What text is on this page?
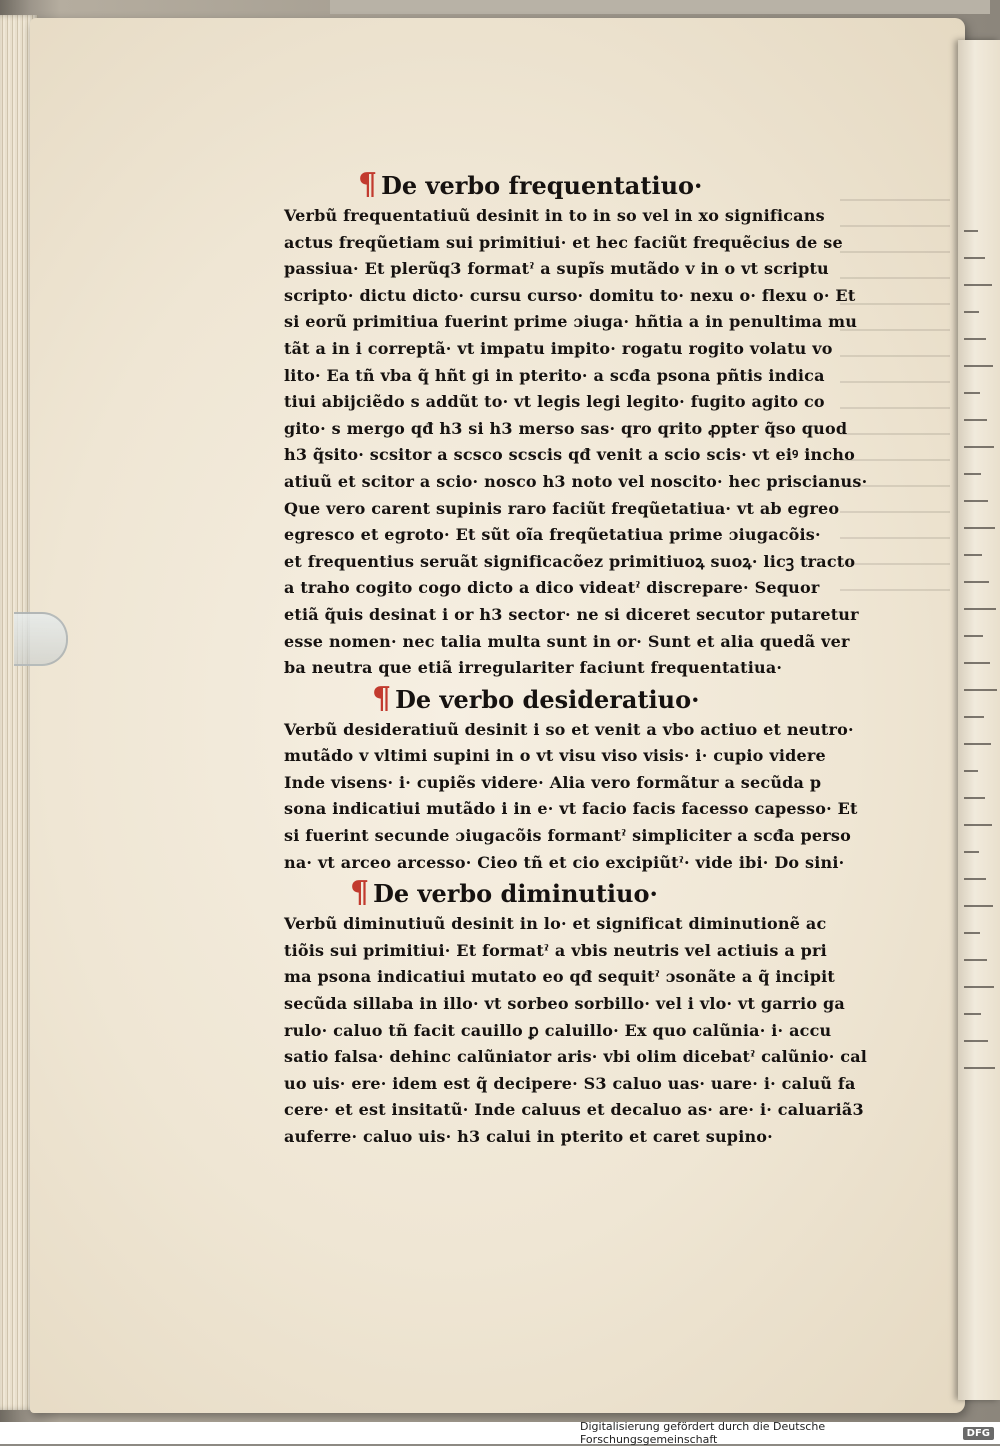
¶ De verbo frequentatiuo·
Verbũ frequentatiuũ desinit in to in so vel in xo significans
actus freqũetiam sui primitiui· et hec faciũt frequẽcius de se
passiua· Et plerũq3 formatˀ a supĩs mutãdo v in o vt scriptu
scripto· dictu dicto· cursu curso· domitu to· nexu o· flexu o· Et
si eorũ primitiua fuerint prime ɔiuga· hñtia a in penultima mu
tãt a in i correptã· vt impatu impito· rogatu rogito volatu vo
lito· Ea tñ vba q̃ hñt gi in pterito· a scđa psona pñtis indica
tiui abijciẽdo s addũt to· vt legis legi legito· fugito agito co
gito· s mergo qđ h3 si h3 merso sas· qro qrito ꝓpter q̃so quod
h3 q̃sito· scsitor a scsco scscis qđ venit a scio scis· vt eiꝰ incho
atiuũ et scitor a scio· nosco h3 noto vel noscito· hec priscianus·
Que vero carent supinis raro faciũt freqũetatiua· vt ab egreo
egresco et egroto· Et sũt oĩa freqũetatiua prime ɔiugacõis·
et frequentius seruãt significacõez primitiuoꝝ suoꝝ· licꝫ tracto
a traho cogito cogo dicto a dico videatˀ discrepare· Sequor
etiã q̃uis desinat i or h3 sector· ne si diceret secutor putaretur
esse nomen· nec talia multa sunt in or· Sunt et alia quedã ver
ba neutra que etiã irregulariter faciunt frequentatiua·
¶ De verbo desideratiuo·
Verbũ desideratiuũ desinit i so et venit a vbo actiuo et neutro·
mutãdo v vltimi supini in o vt visu viso visis· i· cupio videre
Inde visens· i· cupiẽs videre· Alia vero formãtur a secũda p
sona indicatiui mutãdo i in e· vt facio facis facesso capesso· Et
si fuerint secunde ɔiugacõis formantˀ simpliciter a scđa perso
na· vt arceo arcesso· Cieo tñ et cio excipiũtˀ· vide ibi· Do sini·
¶ De verbo diminutiuo·
Verbũ diminutiuũ desinit in lo· et significat diminutionẽ ac
tiõis sui primitiui· Et formatˀ a vbis neutris vel actiuis a pri
ma psona indicatiui mutato eo qđ sequitˀ ɔsonãte a q̃ incipit
secũda sillaba in illo· vt sorbeo sorbillo· vel i vlo· vt garrio ga
rulo· caluo tñ facit cauillo ꝑ caluillo· Ex quo calũnia· i· accu
satio falsa· dehinc calũniator aris· vbi olim dicebatˀ calũnio· cal
uo uis· ere· idem est q̃ decipere· S3 caluo uas· uare· i· caluũ fa
cere· et est insitatũ· Inde caluus et decaluo as· are· i· caluariã3
auferre· caluo uis· h3 calui in pterito et caret supino·
Digitalisierung gefördert durch die Deutsche Forschungsgemeinschaft	DFG
